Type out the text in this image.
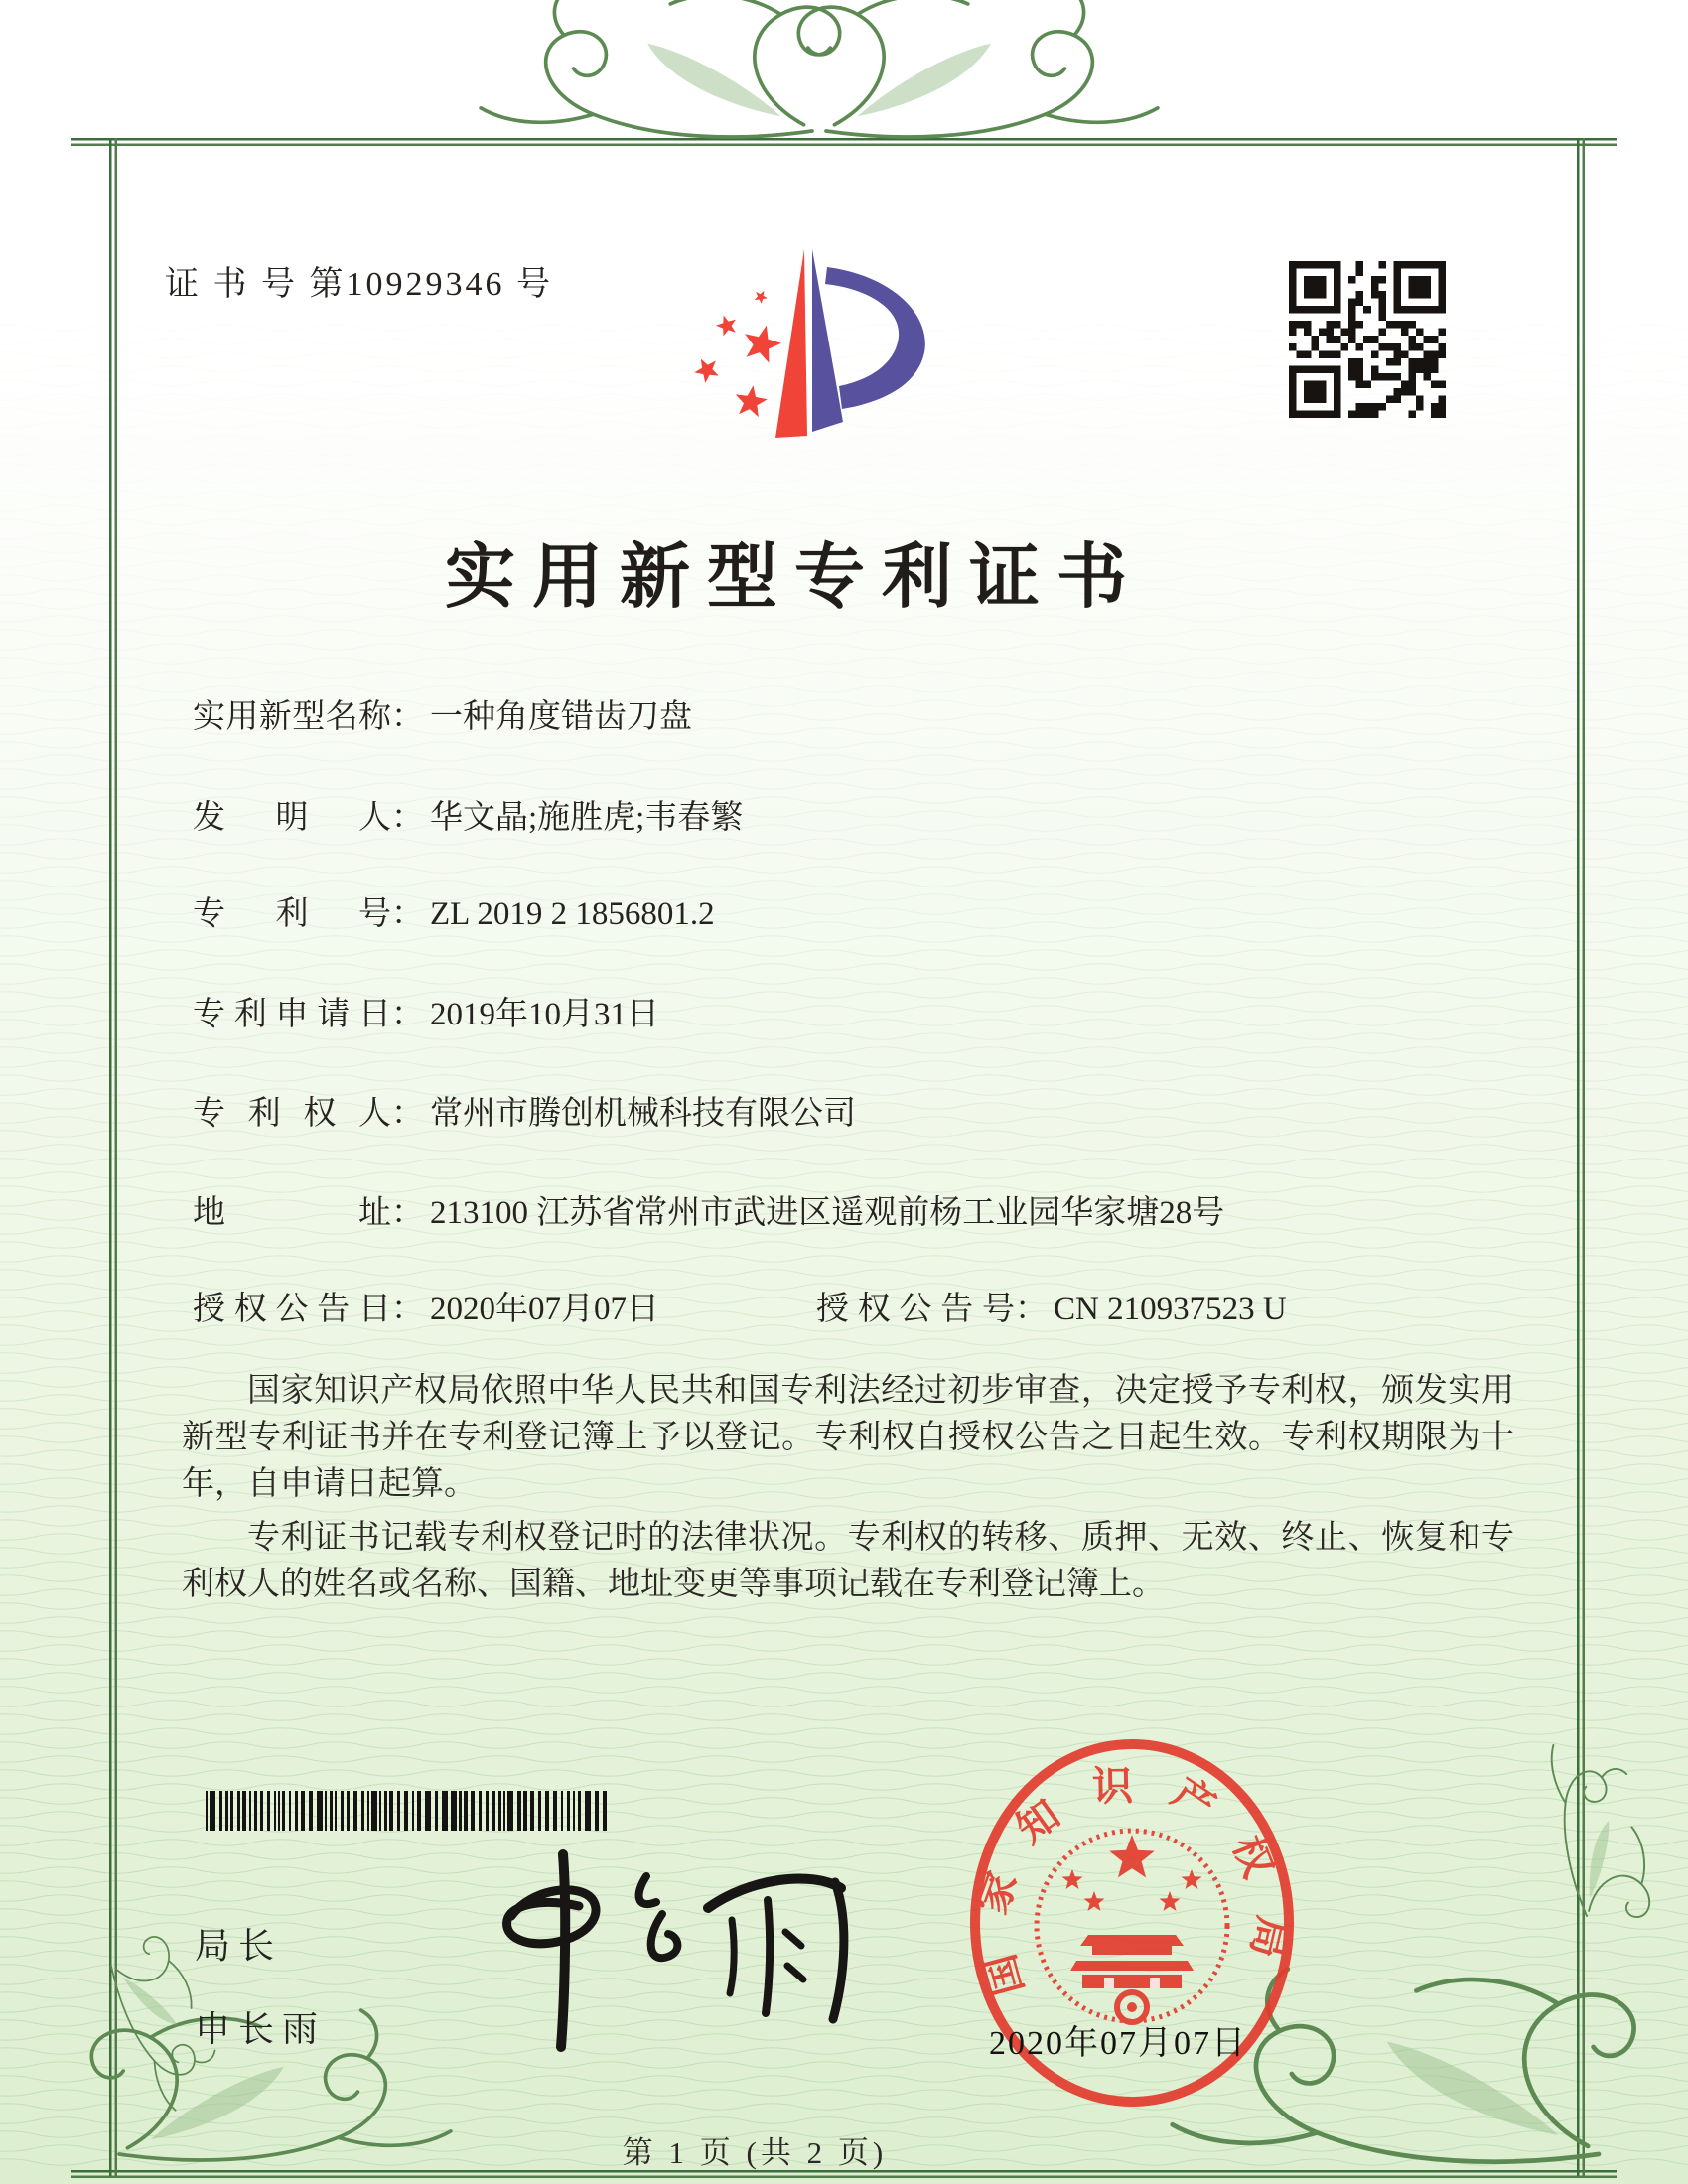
证 书 号 第10929346 号
实用新型专利证书
实用新型名称： 一种角度错齿刀盘
发明人： 华文晶;施胜虎;韦春繁
专利号： ZL 2019 2 1856801.2
专利申请日： 2019年10月31日
专利权人： 常州市腾创机械科技有限公司
地址： 213100 江苏省常州市武进区遥观前杨工业园华家塘28号
授权公告日： 2020年07月07日	授权公告号： CN 210937523 U

国家知识产权局依照中华人民共和国专利法经过初步审查，决定授予专利权，颁发实用新型专利证书并在专利登记簿上予以登记。专利权自授权公告之日起生效。专利权期限为十年，自申请日起算。

专利证书记载专利权登记时的法律状况。专利权的转移、质押、无效、终止、恢复和专利权人的姓名或名称、国籍、地址变更等事项记载在专利登记簿上。

局长
申长雨
国家知识产权局
2020年07月07日
第 1 页 (共 2 页)
